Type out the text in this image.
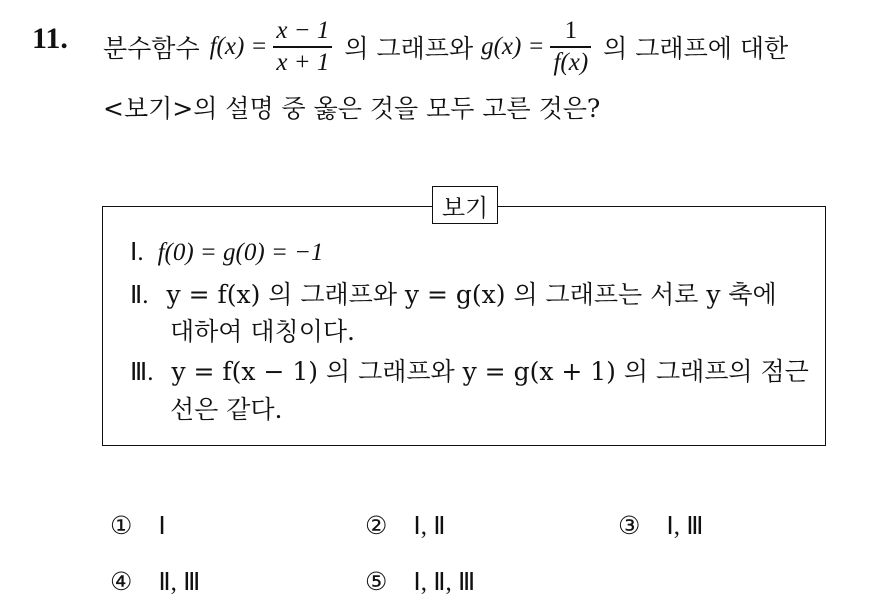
11. 분수함수 $f(x) = \frac{x - 1}{x + 1}$ 의 그래프와 $g(x) = \frac{1}{f(x)}$ 의 그래프에 대한
<보기>의 설명 중 옳은 것을 모두 고른 것은?
보기
Ⅰ. f(0) = g(0) = −1
Ⅱ. y = f(x) 의 그래프와 y = g(x) 의 그래프는 서로 y 축에
대하여 대칭이다.
Ⅲ. y = f(x − 1) 의 그래프와 y = g(x + 1) 의 그래프의 점근
선은 같다.
① Ⅰ	② Ⅰ, Ⅱ	③ Ⅰ, Ⅲ
④ Ⅱ, Ⅲ	⑤ Ⅰ, Ⅱ, Ⅲ
